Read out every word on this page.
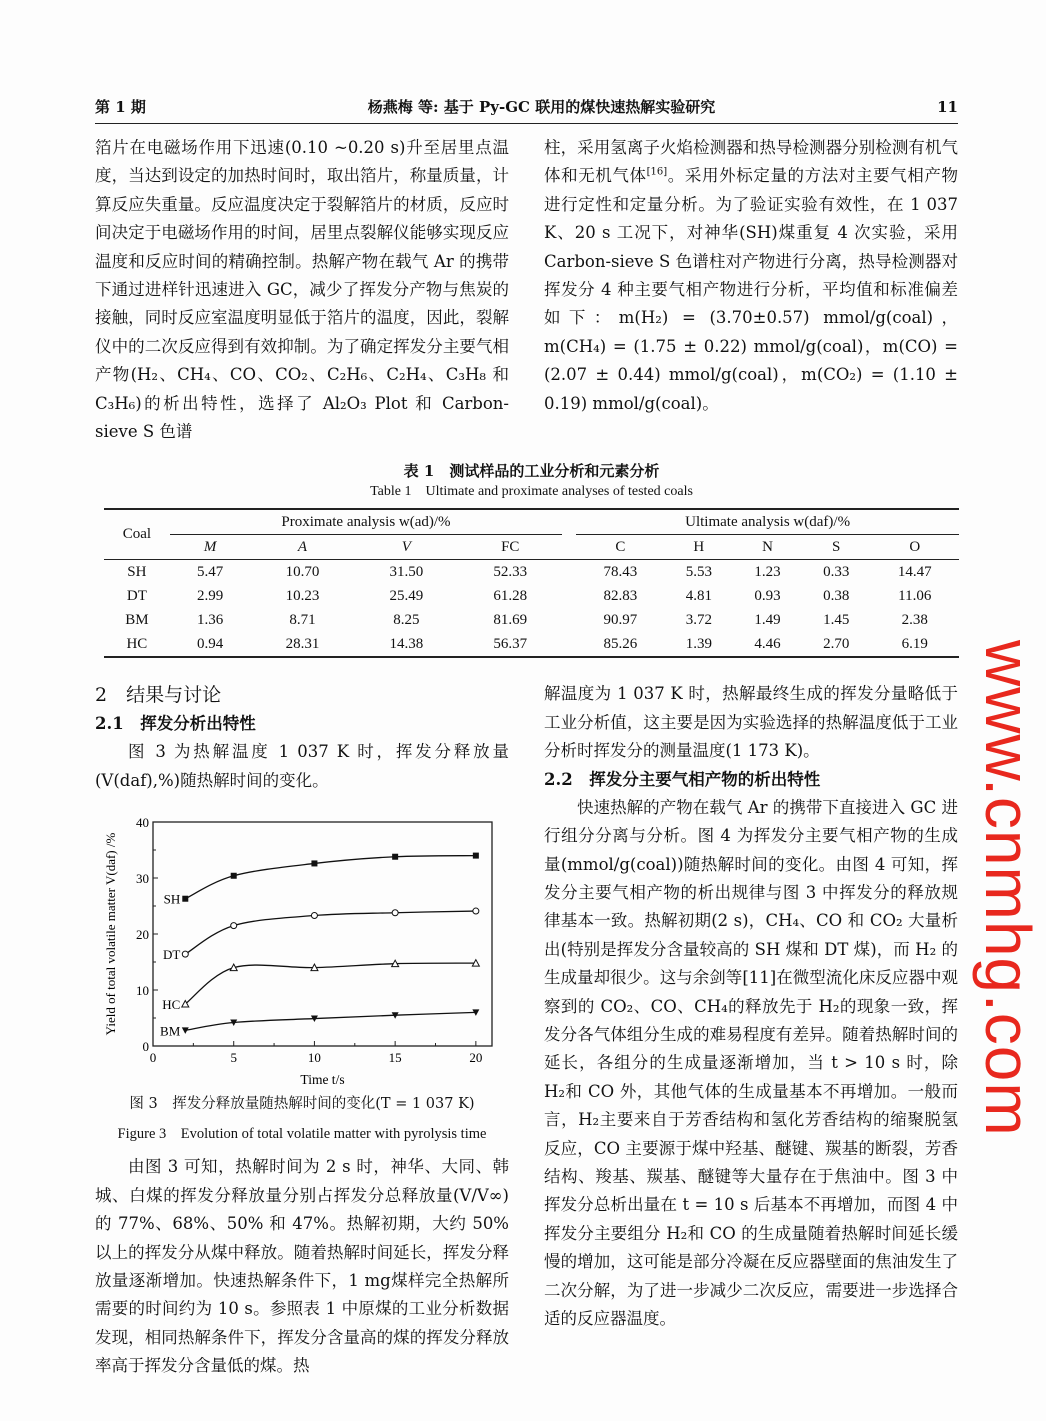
第 1 期	杨燕梅 等: 基于 Py-GC 联用的煤快速热解实验研究	11

箔片在电磁场作用下迅速(0.10 ~0.20 s)升至居里点温度，当达到设定的加热时间时，取出箔片，称量质量，计算反应失重量。反应温度决定于裂解箔片的材质，反应时间决定于电磁场作用的时间，居里点裂解仪能够实现反应温度和反应时间的精确控制。热解产物在载气 Ar 的携带下通过进样针迅速进入 GC，减少了挥发分产物与焦炭的接触，同时反应室温度明显低于箔片的温度，因此，裂解仪中的二次反应得到有效抑制。为了确定挥发分主要气相产物(H₂、CH₄、CO、CO₂、C₂H₆、C₂H₄、C₃H₈ 和 C₃H₆)的析出特性，选择了 Al₂O₃ Plot 和 Carbon-sieve S 色谱

柱，采用氢离子火焰检测器和热导检测器分别检测有机气体和无机气体[16]。采用外标定量的方法对主要气相产物进行定性和定量分析。为了验证实验有效性，在 1 037 K、20 s 工况下，对神华(SH)煤重复 4 次实验，采用 Carbon-sieve S 色谱柱对产物进行分离，热导检测器对挥发分 4 种主要气相产物进行分析，平均值和标准偏差如下：m(H₂) = (3.70±0.57) mmol/g(coal)，m(CH₄) = (1.75 ± 0.22) mmol/g(coal)，m(CO) = (2.07 ± 0.44) mmol/g(coal)，m(CO₂) = (1.10 ± 0.19) mmol/g(coal)。

表 1　测试样品的工业分析和元素分析
Table 1　Ultimate and proximate analyses of tested coals
Coal	Proximate analysis w(ad)/%					Ultimate analysis w(daf)/%				
	M	A	V	FC		C	H	N	S	O
SH	5.47	10.70	31.50	52.33		78.43	5.53	1.23	0.33	14.47
DT	2.99	10.23	25.49	61.28		82.83	4.81	0.93	0.38	11.06
BM	1.36	8.71	8.25	81.69		90.97	3.72	1.49	1.45	2.38
HC	0.94	28.31	14.38	56.37		85.26	1.39	4.46	2.70	6.19

2　结果与讨论

2.1　挥发分析出特性

图 3 为热解温度 1 037 K 时，挥发分释放量(V(daf),%)随热解时间的变化。

0	5	10	15	20
0
10
20
30
40
Time t/s
Yield of total volatile matter V(daf) /%	SH
DT
HC
BM
图 3　挥发分释放量随热解时间的变化(T = 1 037 K)
Figure 3　Evolution of total volatile matter with pyrolysis time

由图 3 可知，热解时间为 2 s 时，神华、大同、韩城、白煤的挥发分释放量分别占挥发分总释放量(V/V∞)的 77%、68%、50% 和 47%。热解初期，大约 50% 以上的挥发分从煤中释放。随着热解时间延长，挥发分释放量逐渐增加。快速热解条件下，1 mg煤样完全热解所需要的时间约为 10 s。参照表 1 中原煤的工业分析数据发现，相同热解条件下，挥发分含量高的煤的挥发分释放率高于挥发分含量低的煤。热

解温度为 1 037 K 时，热解最终生成的挥发分量略低于工业分析值，这主要是因为实验选择的热解温度低于工业分析时挥发分的测量温度(1 173 K)。

2.2　挥发分主要气相产物的析出特性

快速热解的产物在载气 Ar 的携带下直接进入 GC 进行组分分离与分析。图 4 为挥发分主要气相产物的生成量(mmol/g(coal))随热解时间的变化。由图 4 可知，挥发分主要气相产物的析出规律与图 3 中挥发分的释放规律基本一致。热解初期(2 s)，CH₄、CO 和 CO₂ 大量析出(特别是挥发分含量较高的 SH 煤和 DT 煤)，而 H₂ 的生成量却很少。这与余剑等[11]在微型流化床反应器中观察到的 CO₂、CO、CH₄的释放先于 H₂的现象一致，挥发分各气体组分生成的难易程度有差异。随着热解时间的延长，各组分的生成量逐渐增加，当 t > 10 s 时，除 H₂和 CO 外，其他气体的生成量基本不再增加。一般而言，H₂主要来自于芳香结构和氢化芳香结构的缩聚脱氢反应，CO 主要源于煤中羟基、醚键、羰基的断裂，芳香结构、羧基、羰基、醚键等大量存在于焦油中。图 3 中挥发分总析出量在 t = 10 s 后基本不再增加，而图 4 中挥发分主要组分 H₂和 CO 的生成量随着热解时间延长缓慢的增加，这可能是部分冷凝在反应器壁面的焦油发生了二次分解，为了进一步减少二次反应，需要进一步选择合适的反应器温度。

www.cnmhg.com
